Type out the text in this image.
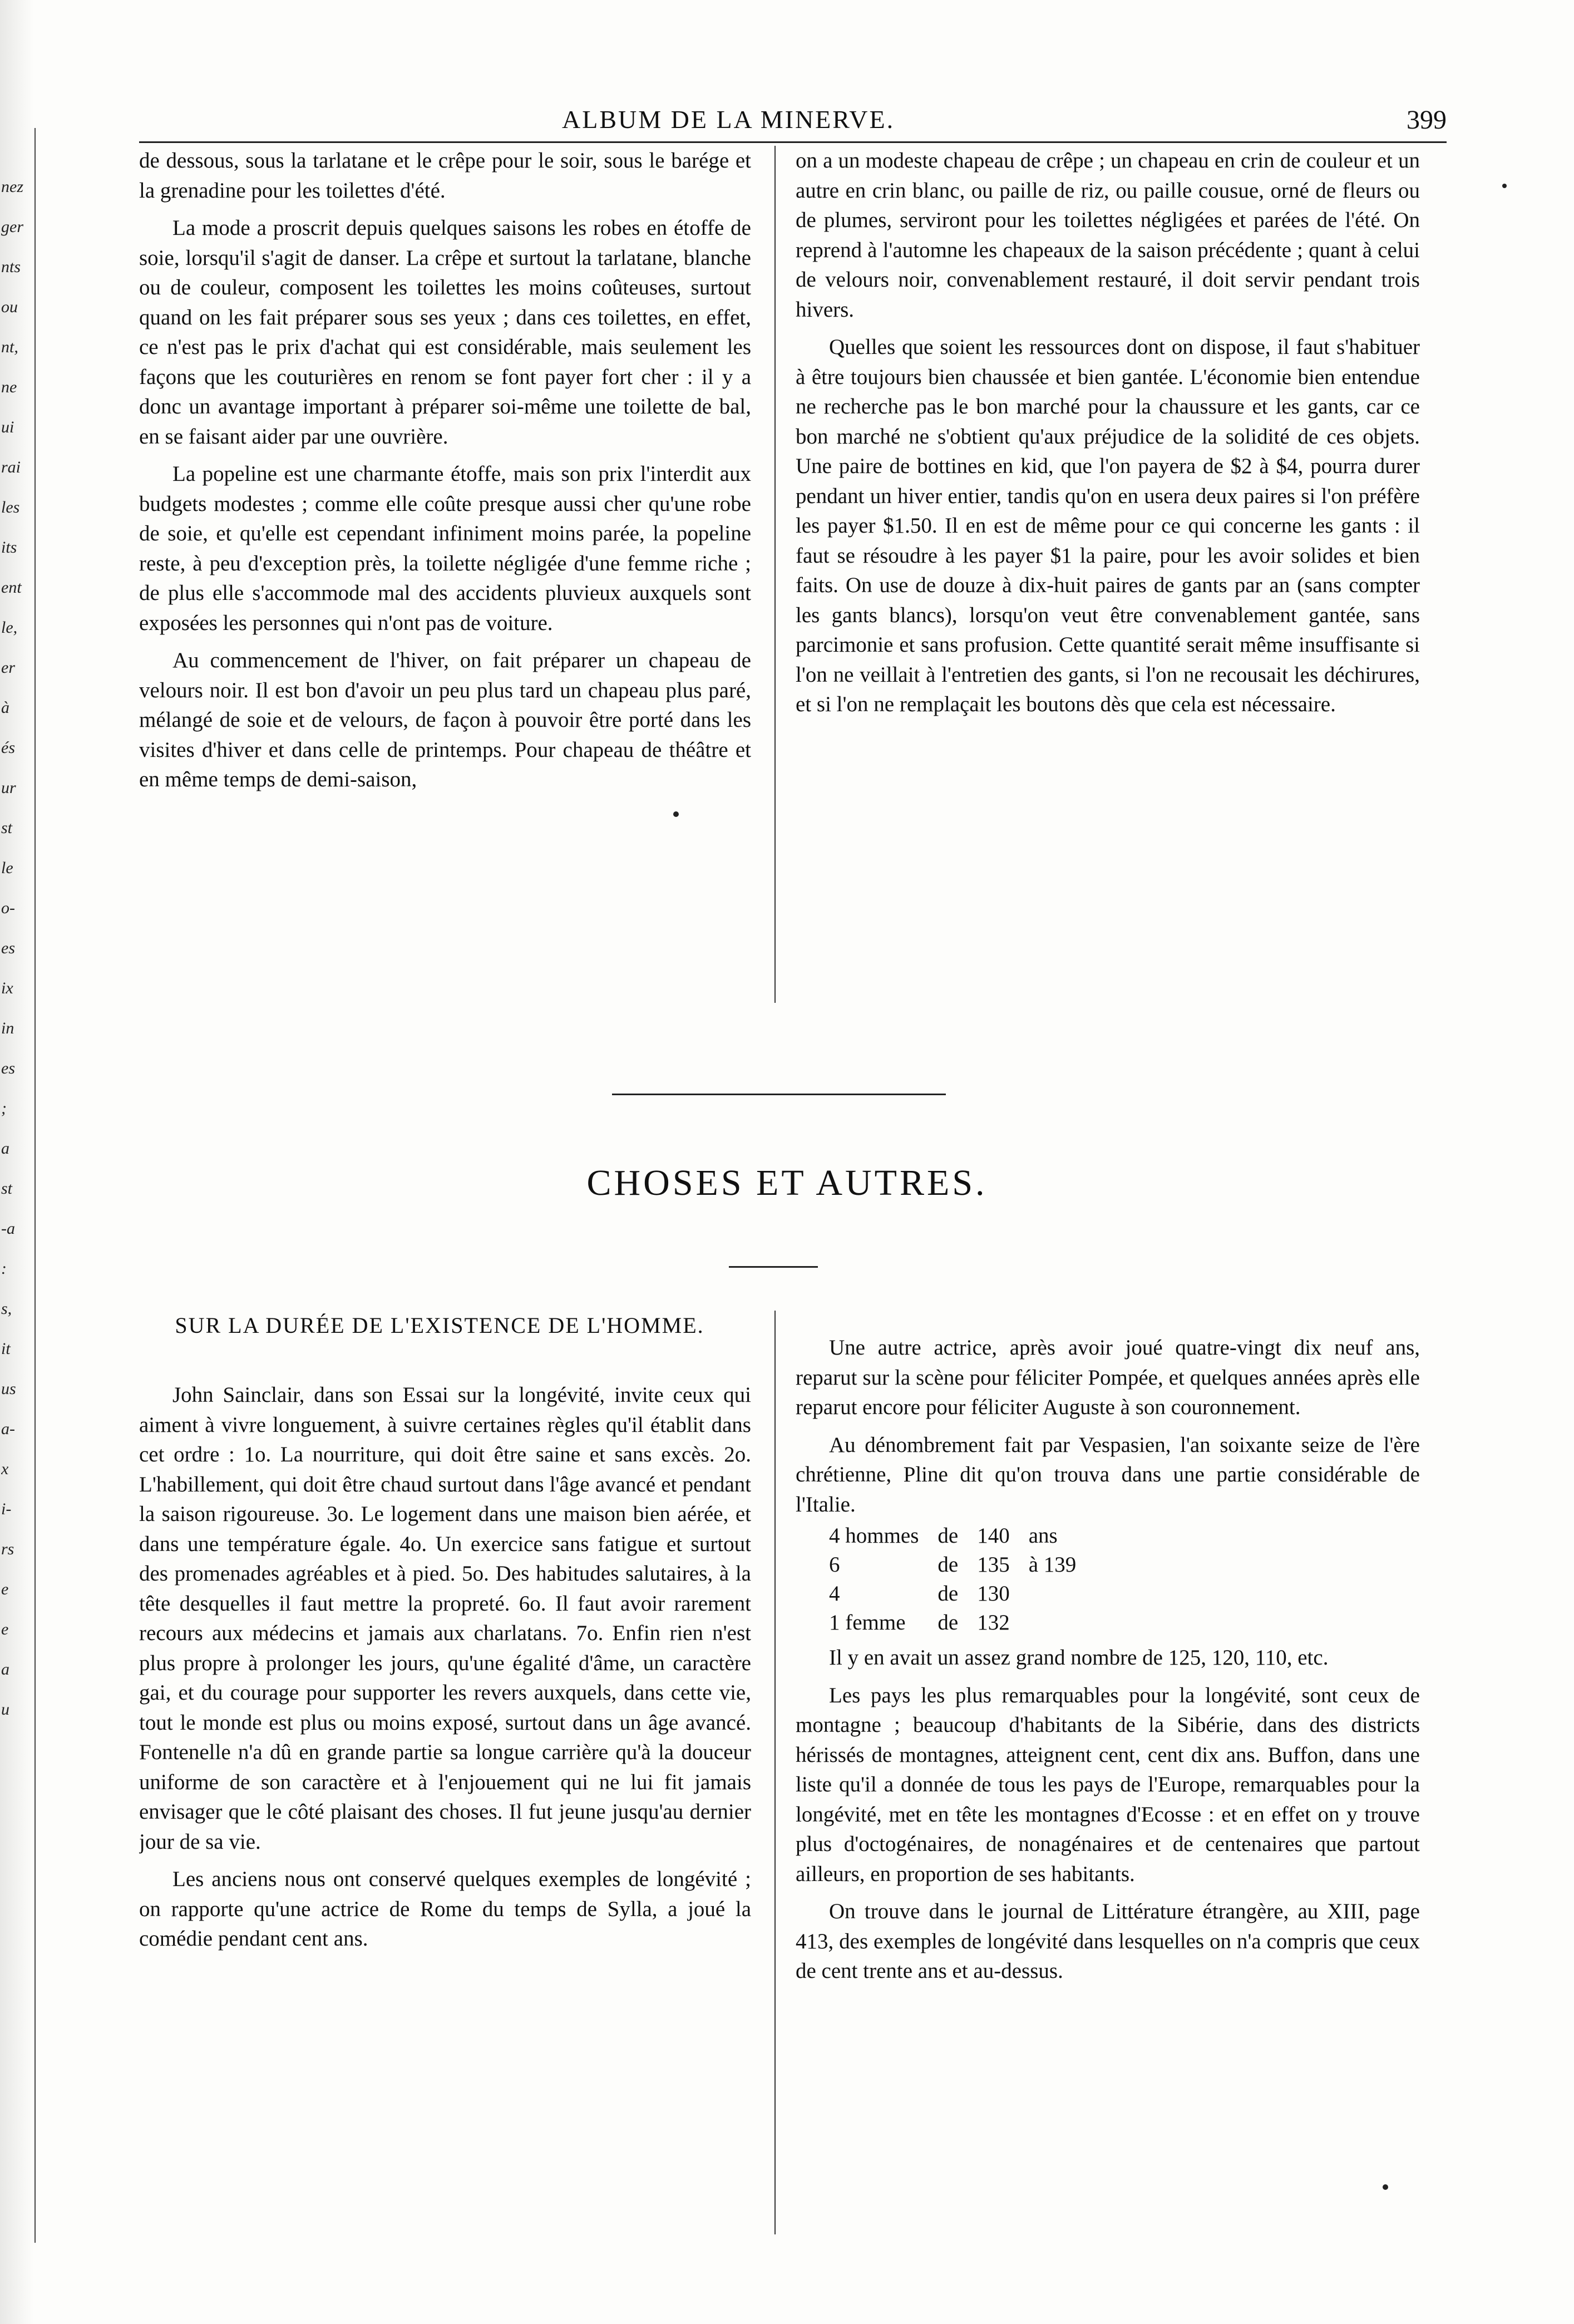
nez
ger
nts
ou
nt,
ne
ui
rai
les
its
ent
le,
er
à
és
ur
st
le
o-
es
ix
in
es
;
a
st
-a
:
s,
it
us
a-
x
i-
rs
e
e
a
u
ALBUM DE LA MINERVE.	399

de dessous, sous la tarlatane et le crêpe pour le soir, sous le barége et la grenadine pour les toilettes d'été.

La mode a proscrit depuis quelques saisons les robes en étoffe de soie, lorsqu'il s'agit de danser. La crêpe et surtout la tarlatane, blanche ou de couleur, composent les toilettes les moins coûteuses, surtout quand on les fait préparer sous ses yeux ; dans ces toilettes, en effet, ce n'est pas le prix d'achat qui est considérable, mais seulement les façons que les couturières en renom se font payer fort cher : il y a donc un avantage important à préparer soi-même une toilette de bal, en se faisant aider par une ouvrière.

La popeline est une charmante étoffe, mais son prix l'interdit aux budgets modestes ; comme elle coûte presque aussi cher qu'une robe de soie, et qu'elle est cependant infiniment moins parée, la popeline reste, à peu d'exception près, la toilette négligée d'une femme riche ; de plus elle s'accommode mal des accidents pluvieux auxquels sont exposées les personnes qui n'ont pas de voiture.

Au commencement de l'hiver, on fait préparer un chapeau de velours noir. Il est bon d'avoir un peu plus tard un chapeau plus paré, mélangé de soie et de velours, de façon à pouvoir être porté dans les visites d'hiver et dans celle de printemps. Pour chapeau de théâtre et en même temps de demi-saison,

on a un modeste chapeau de crêpe ; un chapeau en crin de couleur et un autre en crin blanc, ou paille de riz, ou paille cousue, orné de fleurs ou de plumes, serviront pour les toilettes négligées et parées de l'été. On reprend à l'automne les chapeaux de la saison précédente ; quant à celui de velours noir, convenablement restauré, il doit servir pendant trois hivers.

Quelles que soient les ressources dont on dispose, il faut s'habituer à être toujours bien chaussée et bien gantée. L'économie bien entendue ne recherche pas le bon marché pour la chaussure et les gants, car ce bon marché ne s'obtient qu'aux préjudice de la solidité de ces objets. Une paire de bottines en kid, que l'on payera de $2 à $4, pourra durer pendant un hiver entier, tandis qu'on en usera deux paires si l'on préfère les payer $1.50. Il en est de même pour ce qui concerne les gants : il faut se résoudre à les payer $1 la paire, pour les avoir solides et bien faits. On use de douze à dix-huit paires de gants par an (sans compter les gants blancs), lorsqu'on veut être convenablement gantée, sans parcimonie et sans profusion. Cette quantité serait même insuffisante si l'on ne veillait à l'entretien des gants, si l'on ne recousait les déchirures, et si l'on ne remplaçait les boutons dès que cela est nécessaire.

CHOSES ET AUTRES.
SUR LA DURÉE DE L'EXISTENCE DE L'HOMME.

John Sainclair, dans son Essai sur la longévité, invite ceux qui aiment à vivre longuement, à suivre certaines règles qu'il établit dans cet ordre : 1o. La nourriture, qui doit être saine et sans excès. 2o. L'habillement, qui doit être chaud surtout dans l'âge avancé et pendant la saison rigoureuse. 3o. Le logement dans une maison bien aérée, et dans une température égale. 4o. Un exercice sans fatigue et surtout des promenades agréables et à pied. 5o. Des habitudes salutaires, à la tête desquelles il faut mettre la propreté. 6o. Il faut avoir rarement recours aux médecins et jamais aux charlatans. 7o. Enfin rien n'est plus propre à prolonger les jours, qu'une égalité d'âme, un caractère gai, et du courage pour supporter les revers auxquels, dans cette vie, tout le monde est plus ou moins exposé, surtout dans un âge avancé. Fontenelle n'a dû en grande partie sa longue carrière qu'à la douceur uniforme de son caractère et à l'enjouement qui ne lui fit jamais envisager que le côté plaisant des choses. Il fut jeune jusqu'au dernier jour de sa vie.

Les anciens nous ont conservé quelques exemples de longévité ; on rapporte qu'une actrice de Rome du temps de Sylla, a joué la comédie pendant cent ans.

Une autre actrice, après avoir joué quatre-vingt dix neuf ans, reparut sur la scène pour féliciter Pompée, et quelques années après elle reparut encore pour féliciter Auguste à son couronnement.

Au dénombrement fait par Vespasien, l'an soixante seize de l'ère chrétienne, Pline dit qu'on trouva dans une partie considérable de l'Italie.

4 hommes	de	140	ans
6	de	135	à 139
4	de	130	
1 femme	de	132	

Il y en avait un assez grand nombre de 125, 120, 110, etc.

Les pays les plus remarquables pour la longévité, sont ceux de montagne ; beaucoup d'habitants de la Sibérie, dans des districts hérissés de montagnes, atteignent cent, cent dix ans. Buffon, dans une liste qu'il a donnée de tous les pays de l'Europe, remarquables pour la longévité, met en tête les montagnes d'Ecosse : et en effet on y trouve plus d'octogénaires, de nonagénaires et de centenaires que partout ailleurs, en proportion de ses habitants.

On trouve dans le journal de Littérature étrangère, au XIII, page 413, des exemples de longévité dans lesquelles on n'a compris que ceux de cent trente ans et au-dessus.
